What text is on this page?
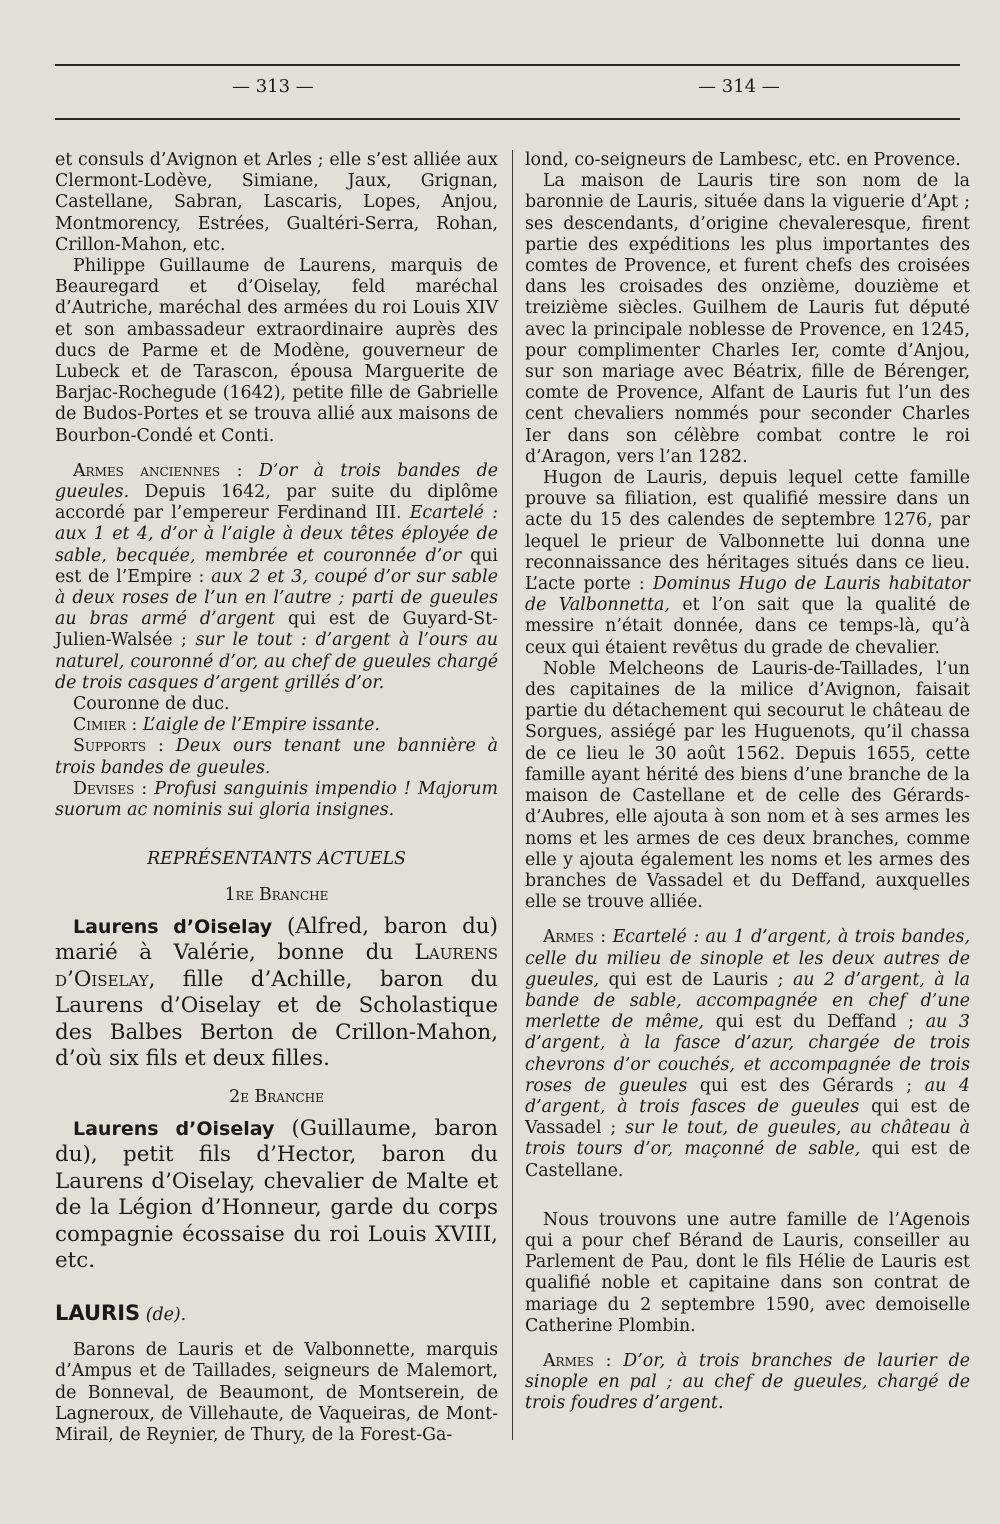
— 313 —	— 314 —

et consuls d’Avignon et Arles ; elle s’est alliée aux Clermont-Lodève, Simiane, Jaux, Grignan, Castellane, Sabran, Lascaris, Lopes, Anjou, Montmorency, Estrées, Gualtéri-Serra, Rohan, Crillon-Mahon, etc.

Philippe Guillaume de Laurens, marquis de Beauregard et d’Oiselay, feld maréchal d’Autriche, maréchal des armées du roi Louis XIV et son ambassadeur extraordinaire auprès des ducs de Parme et de Modène, gouverneur de Lubeck et de Tarascon, épousa Marguerite de Barjac-Rochegude (1642), petite fille de Gabrielle de Budos-Portes et se trouva allié aux maisons de Bourbon-Condé et Conti.

Armes anciennes : D’or à trois bandes de gueules. Depuis 1642, par suite du diplôme accordé par l’empereur Ferdinand III. Ecartelé : aux 1 et 4, d’or à l’aigle à deux têtes éployée de sable, becquée, membrée et couronnée d’or qui est de l’Empire : aux 2 et 3, coupé d’or sur sable à deux roses de l’un en l’autre ; parti de gueules au bras armé d’argent qui est de Guyard-St-Julien-Walsée ; sur le tout : d’argent à l’ours au naturel, couronné d’or, au chef de gueules chargé de trois casques d’argent grillés d’or.

Couronne de duc.

Cimier : L’aigle de l’Empire issante.

Supports : Deux ours tenant une bannière à trois bandes de gueules.

Devises : Profusi sanguinis impendio ! Majorum suorum ac nominis sui gloria insignes.

REPRÉSENTANTS ACTUELS

1re Branche

Laurens d’Oiselay (Alfred, baron du) marié à Valérie, bonne du Laurens d’Oiselay, fille d’Achille, baron du Laurens d’Oiselay et de Scholastique des Balbes Berton de Crillon-Mahon, d’où six fils et deux filles.

2e Branche

Laurens d’Oiselay (Guillaume, baron du), petit fils d’Hector, baron du Laurens d’Oiselay, chevalier de Malte et de la Légion d’Honneur, garde du corps compagnie écossaise du roi Louis XVIII, etc.

LAURIS (de).

Barons de Lauris et de Valbonnette, marquis d’Ampus et de Taillades, seigneurs de Malemort, de Bonneval, de Beaumont, de Montserein, de Lagneroux, de Villehaute, de Vaqueiras, de Mont-Mirail, de Reynier, de Thury, de la Forest-Ga-

lond, co-seigneurs de Lambesc, etc. en Provence.

La maison de Lauris tire son nom de la baronnie de Lauris, située dans la viguerie d’Apt ; ses descendants, d’origine chevaleresque, firent partie des expéditions les plus importantes des comtes de Provence, et furent chefs des croisées dans les croisades des onzième, douzième et treizième siècles. Guilhem de Lauris fut député avec la principale noblesse de Provence, en 1245, pour complimenter Charles Ier, comte d’Anjou, sur son mariage avec Béatrix, fille de Bérenger, comte de Provence, Alfant de Lauris fut l’un des cent chevaliers nommés pour seconder Charles Ier dans son célèbre combat contre le roi d’Aragon, vers l’an 1282.

Hugon de Lauris, depuis lequel cette famille prouve sa filiation, est qualifié messire dans un acte du 15 des calendes de septembre 1276, par lequel le prieur de Valbonnette lui donna une reconnaissance des héritages situés dans ce lieu. L’acte porte : Dominus Hugo de Lauris habitator de Valbonnetta, et l’on sait que la qualité de messire n’était donnée, dans ce temps-là, qu’à ceux qui étaient revêtus du grade de chevalier.

Noble Melcheons de Lauris-de-Taillades, l’un des capitaines de la milice d’Avignon, faisait partie du détachement qui secourut le château de Sorgues, assiégé par les Huguenots, qu’il chassa de ce lieu le 30 août 1562. Depuis 1655, cette famille ayant hérité des biens d’une branche de la maison de Castellane et de celle des Gérards-d’Aubres, elle ajouta à son nom et à ses armes les noms et les armes de ces deux branches, comme elle y ajouta également les noms et les armes des branches de Vassadel et du Deffand, auxquelles elle se trouve alliée.

Armes : Ecartelé : au 1 d’argent, à trois bandes, celle du milieu de sinople et les deux autres de gueules, qui est de Lauris ; au 2 d’argent, à la bande de sable, accompagnée en chef d’une merlette de même, qui est du Deffand ; au 3 d’argent, à la fasce d’azur, chargée de trois chevrons d’or couchés, et accompagnée de trois roses de gueules qui est des Gérards ; au 4 d’argent, à trois fasces de gueules qui est de Vassadel ; sur le tout, de gueules, au château à trois tours d’or, maçonné de sable, qui est de Castellane.

Nous trouvons une autre famille de l’Agenois qui a pour chef Bérand de Lauris, conseiller au Parlement de Pau, dont le fils Hélie de Lauris est qualifié noble et capitaine dans son contrat de mariage du 2 septembre 1590, avec demoiselle Catherine Plombin.

Armes : D’or, à trois branches de laurier de sinople en pal ; au chef de gueules, chargé de trois foudres d’argent.
